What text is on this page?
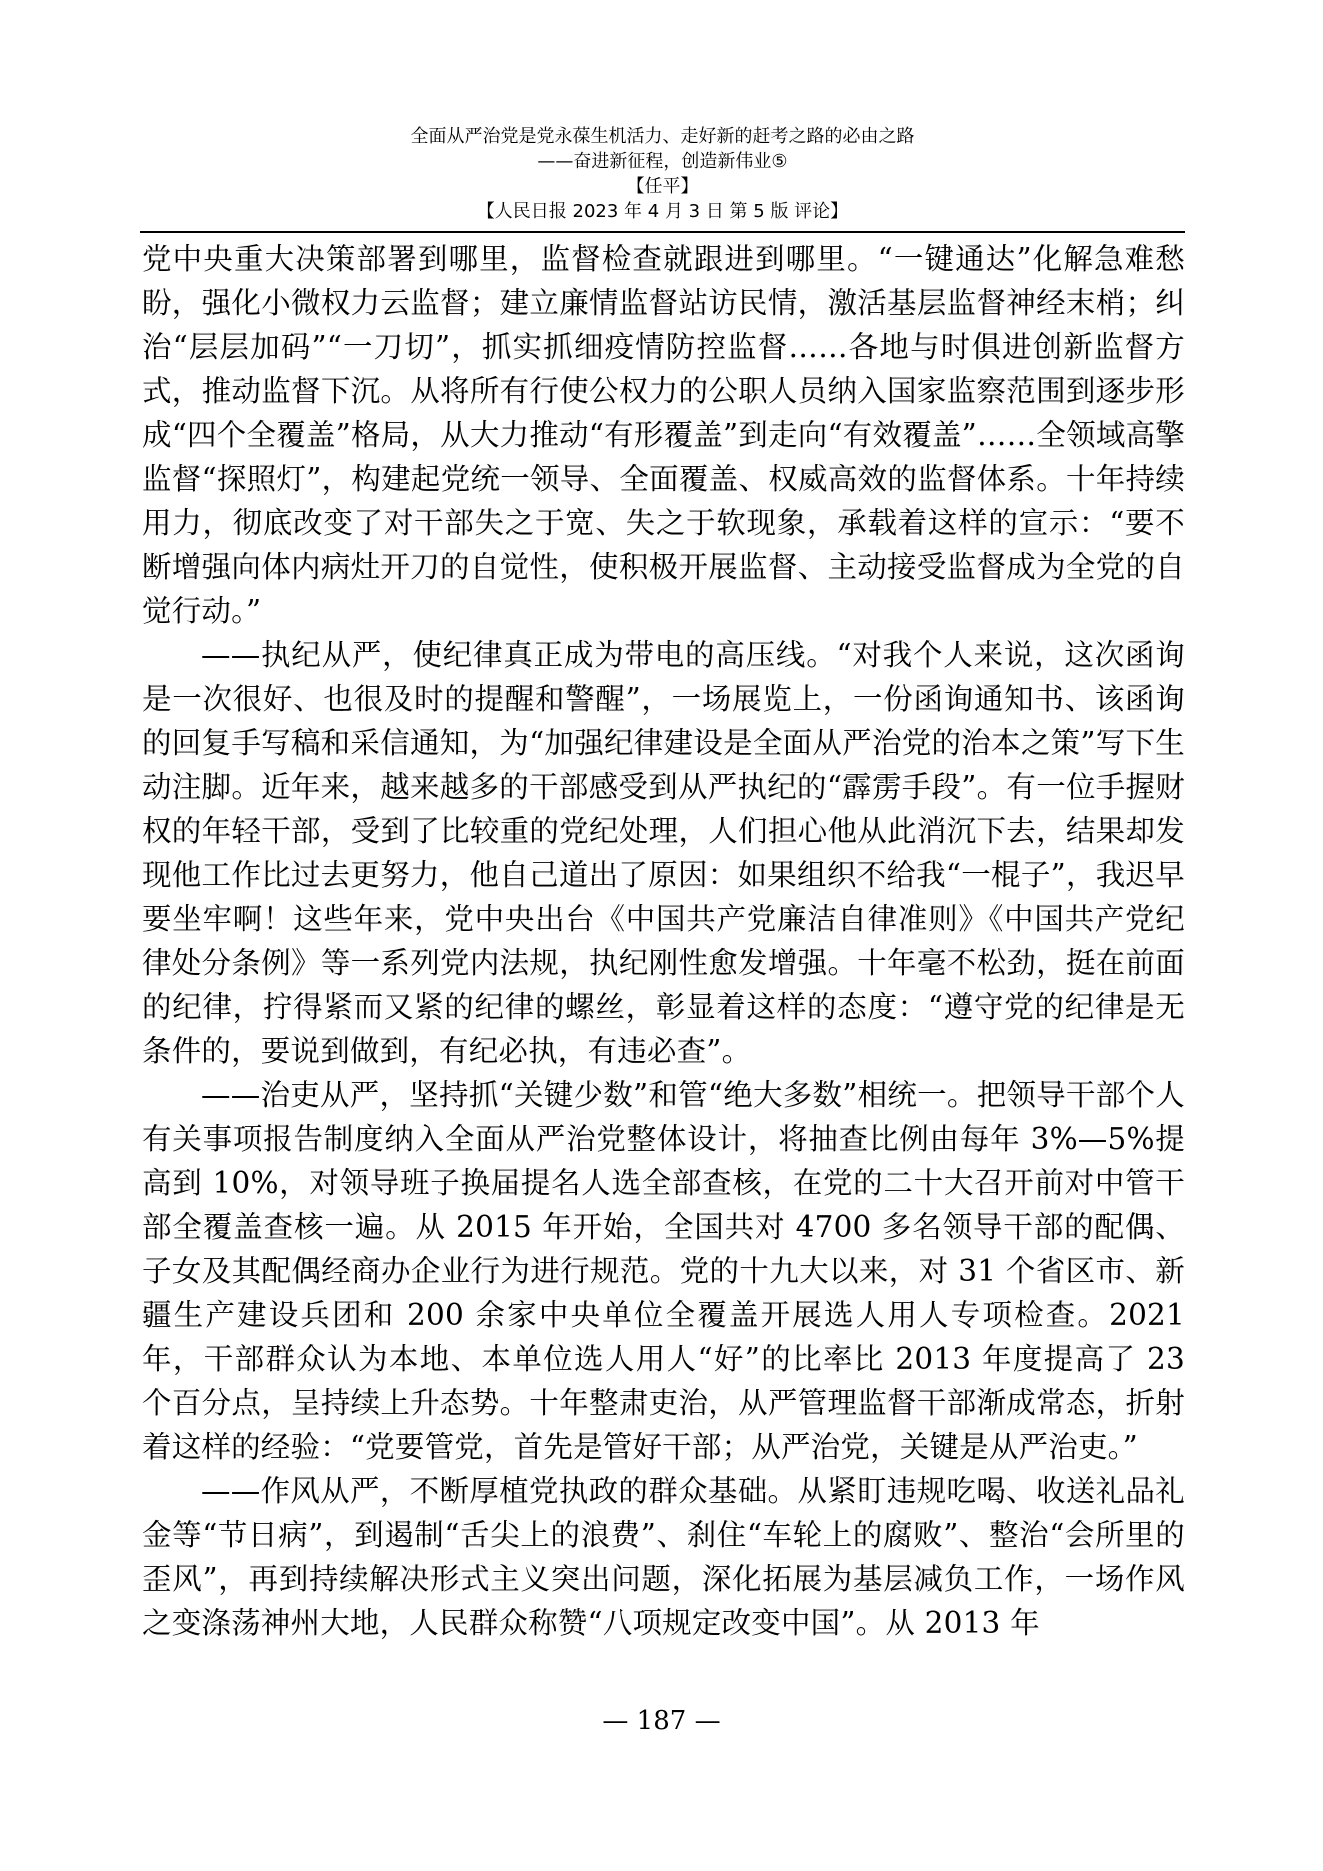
全面从严治党是党永葆生机活力、走好新的赶考之路的必由之路
——奋进新征程，创造新伟业⑤
【任平】
【人民日报 2023 年 4 月 3 日 第 5 版 评论】

党中央重大决策部署到哪里，监督检查就跟进到哪里。“一键通达”化解急难愁盼，强化小微权力云监督；建立廉情监督站访民情，激活基层监督神经末梢；纠治“层层加码”“一刀切”，抓实抓细疫情防控监督……各地与时俱进创新监督方式，推动监督下沉。从将所有行使公权力的公职人员纳入国家监察范围到逐步形成“四个全覆盖”格局，从大力推动“有形覆盖”到走向“有效覆盖”……全领域高擎监督“探照灯”，构建起党统一领导、全面覆盖、权威高效的监督体系。十年持续用力，彻底改变了对干部失之于宽、失之于软现象，承载着这样的宣示：“要不断增强向体内病灶开刀的自觉性，使积极开展监督、主动接受监督成为全党的自觉行动。”

——执纪从严，使纪律真正成为带电的高压线。“对我个人来说，这次函询是一次很好、也很及时的提醒和警醒”，一场展览上，一份函询通知书、该函询的回复手写稿和采信通知，为“加强纪律建设是全面从严治党的治本之策”写下生动注脚。近年来，越来越多的干部感受到从严执纪的“霹雳手段”。有一位手握财权的年轻干部，受到了比较重的党纪处理，人们担心他从此消沉下去，结果却发现他工作比过去更努力，他自己道出了原因：如果组织不给我“一棍子”，我迟早要坐牢啊！这些年来，党中央出台《中国共产党廉洁自律准则》《中国共产党纪律处分条例》等一系列党内法规，执纪刚性愈发增强。十年毫不松劲，挺在前面的纪律，拧得紧而又紧的纪律的螺丝，彰显着这样的态度：“遵守党的纪律是无条件的，要说到做到，有纪必执，有违必查”。

——治吏从严，坚持抓“关键少数”和管“绝大多数”相统一。把领导干部个人有关事项报告制度纳入全面从严治党整体设计，将抽查比例由每年 3%—5%提高到 10%，对领导班子换届提名人选全部查核，在党的二十大召开前对中管干部全覆盖查核一遍。从 2015 年开始，全国共对 4700 多名领导干部的配偶、子女及其配偶经商办企业行为进行规范。党的十九大以来，对 31 个省区市、新疆生产建设兵团和 200 余家中央单位全覆盖开展选人用人专项检查。2021 年，干部群众认为本地、本单位选人用人“好”的比率比 2013 年度提高了 23 个百分点，呈持续上升态势。十年整肃吏治，从严管理监督干部渐成常态，折射着这样的经验：“党要管党，首先是管好干部；从严治党，关键是从严治吏。”

——作风从严，不断厚植党执政的群众基础。从紧盯违规吃喝、收送礼品礼金等“节日病”，到遏制“舌尖上的浪费”、刹住“车轮上的腐败”、整治“会所里的歪风”，再到持续解决形式主义突出问题，深化拓展为基层减负工作，一场作风之变涤荡神州大地，人民群众称赞“八项规定改变中国”。从 2013 年

— 187 —
